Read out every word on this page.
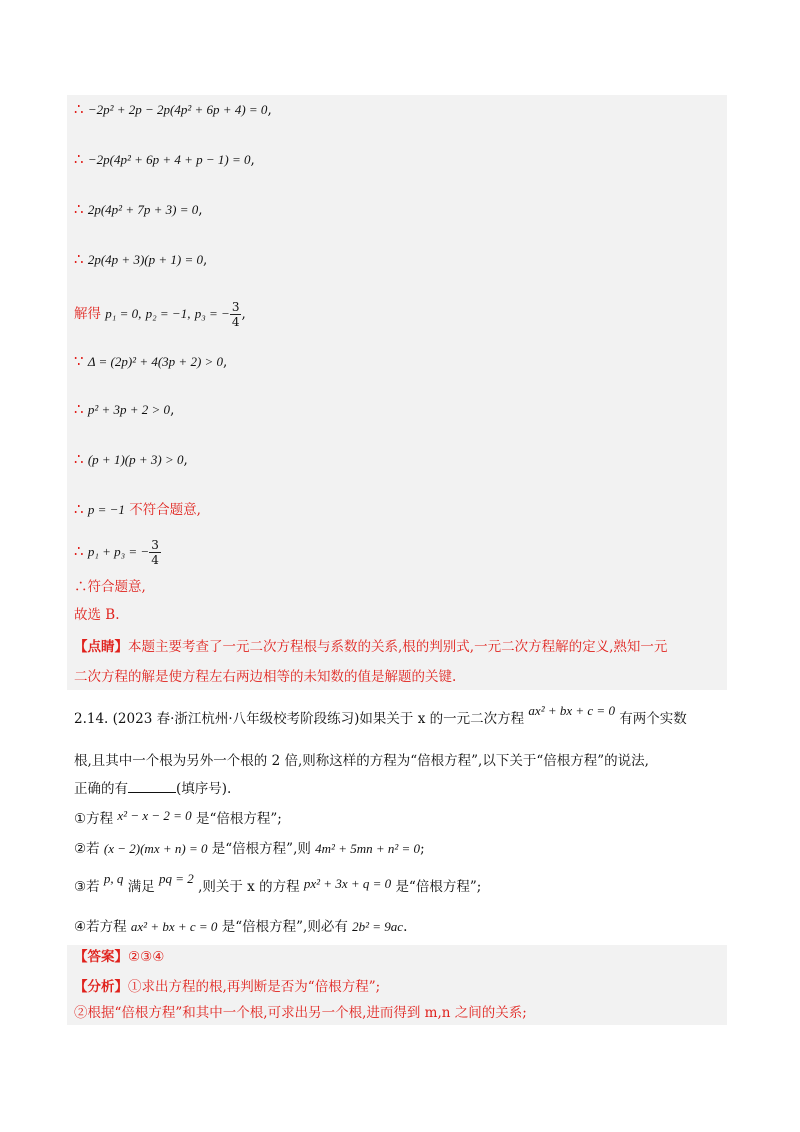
∴ −2p² + 2p − 2p(4p² + 6p + 4) = 0,
∴ −2p(4p² + 6p + 4 + p − 1) = 0,
∴ 2p(4p² + 7p + 3) = 0,
∴ 2p(4p + 3)(p + 1) = 0,
解得 p₁ = 0, p₂ = −1, p₃ = − $\frac{3}{4}$ ,
∵ Δ = (2p)² + 4(3p + 2) > 0,
∴ p² + 3p + 2 > 0,
∴ (p + 1)(p + 3) > 0,
∴ p = −1 不符合题意,
∴ p₁ + p₃ = − $\frac{3}{4}$
∴符合题意,
故选 B.
【点睛】本题主要考查了一元二次方程根与系数的关系,根的判别式,一元二次方程解的定义,熟知一元
二次方程的解是使方程左右两边相等的未知数的值是解题的关键.
2.14. (2023 春·浙江杭州·八年级校考阶段练习)如果关于 x 的一元二次方程 ax² + bx + c = 0 有两个实数
根,且其中一个根为另外一个根的 2 倍,则称这样的方程为“倍根方程”,以下关于“倍根方程”的说法,
正确的有	(填序号).
①方程 x² − x − 2 = 0 是“倍根方程”;
②若 (x − 2)(mx + n) = 0 是“倍根方程”,则 4m² + 5mn + n² = 0;
③若 p, q 满足 pq = 2 ,则关于 x 的方程 px² + 3x + q = 0 是“倍根方程”;
④若方程 ax² + bx + c = 0 是“倍根方程”,则必有 2b² = 9ac.
【答案】②③④
【分析】①求出方程的根,再判断是否为“倍根方程”;
②根据“倍根方程”和其中一个根,可求出另一个根,进而得到 m,n 之间的关系;
